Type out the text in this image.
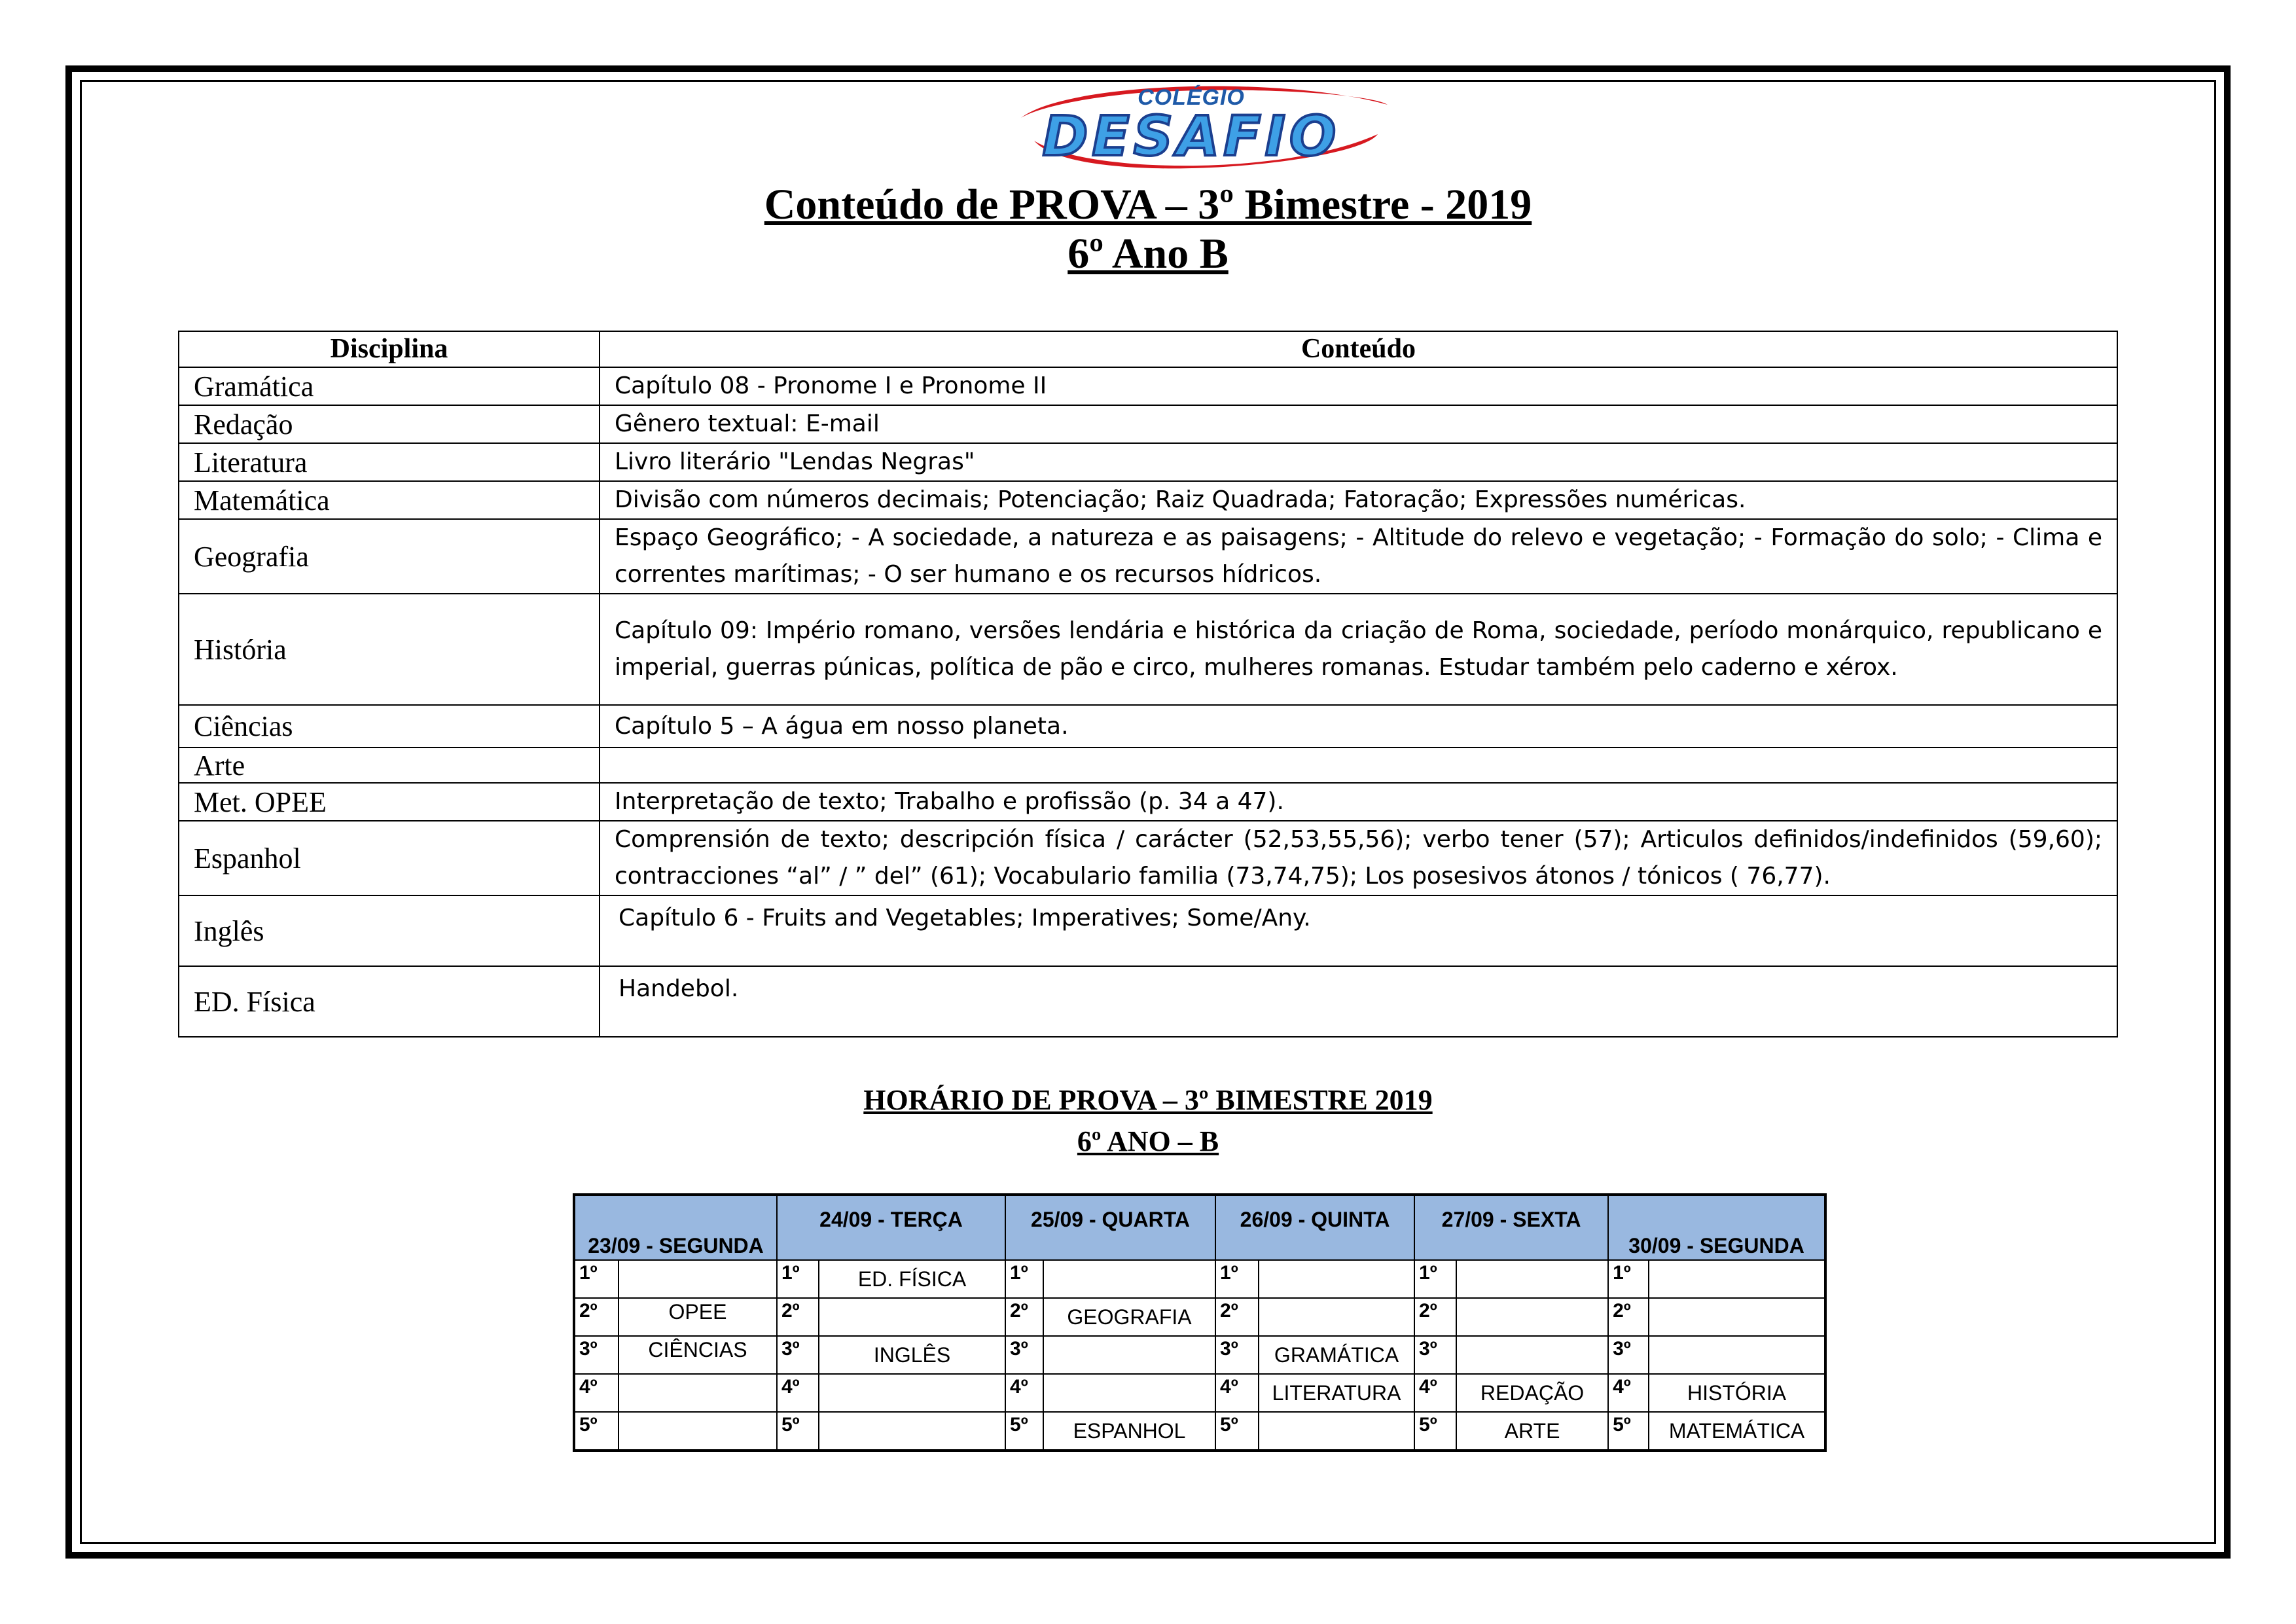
COLÉGIO
DESAFIO
Conteúdo de PROVA – 3º Bimestre - 2019
6º Ano B
Disciplina	Conteúdo
Gramática	Capítulo 08 - Pronome I e Pronome II
Redação	Gênero textual: E-mail
Literatura	Livro literário "Lendas Negras"
Matemática	Divisão com números decimais; Potenciação; Raiz Quadrada; Fatoração; Expressões numéricas.
Geografia	Espaço Geográfico; - A sociedade, a natureza e as paisagens; - Altitude do relevo e vegetação; - Formação do solo; - Clima e correntes marítimas; - O ser humano e os recursos hídricos.
História	Capítulo 09: Império romano, versões lendária e histórica da criação de Roma, sociedade, período monárquico, republicano e imperial, guerras púnicas, política de pão e circo, mulheres romanas. Estudar também pelo caderno e xérox.
Ciências	Capítulo 5 – A água em nosso planeta.
Arte	
Met. OPEE	Interpretação de texto; Trabalho e profissão (p. 34 a 47).
Espanhol	Comprensión de texto; descripción física / carácter (52,53,55,56); verbo tener (57); Articulos definidos/indefinidos (59,60); contracciones “al” / ” del” (61); Vocabulario familia (73,74,75); Los posesivos átonos / tónicos ( 76,77).
Inglês	Capítulo 6 - Fruits and Vegetables; Imperatives; Some/Any.
ED. Física	Handebol.
HORÁRIO DE PROVA – 3º BIMESTRE 2019
6º ANO – B
23/09 - SEGUNDA		24/09 - TERÇA		25/09 - QUARTA		26/09 - QUINTA		27/09 - SEXTA		30/09 - SEGUNDA	
1º		1º	ED. FÍSICA	1º		1º		1º		1º	
2º	OPEE	2º		2º	GEOGRAFIA	2º		2º		2º	
3º	CIÊNCIAS	3º	INGLÊS	3º		3º	GRAMÁTICA	3º		3º	
4º		4º		4º		4º	LITERATURA	4º	REDAÇÃO	4º	HISTÓRIA
5º		5º		5º	ESPANHOL	5º		5º	ARTE	5º	MATEMÁTICA
